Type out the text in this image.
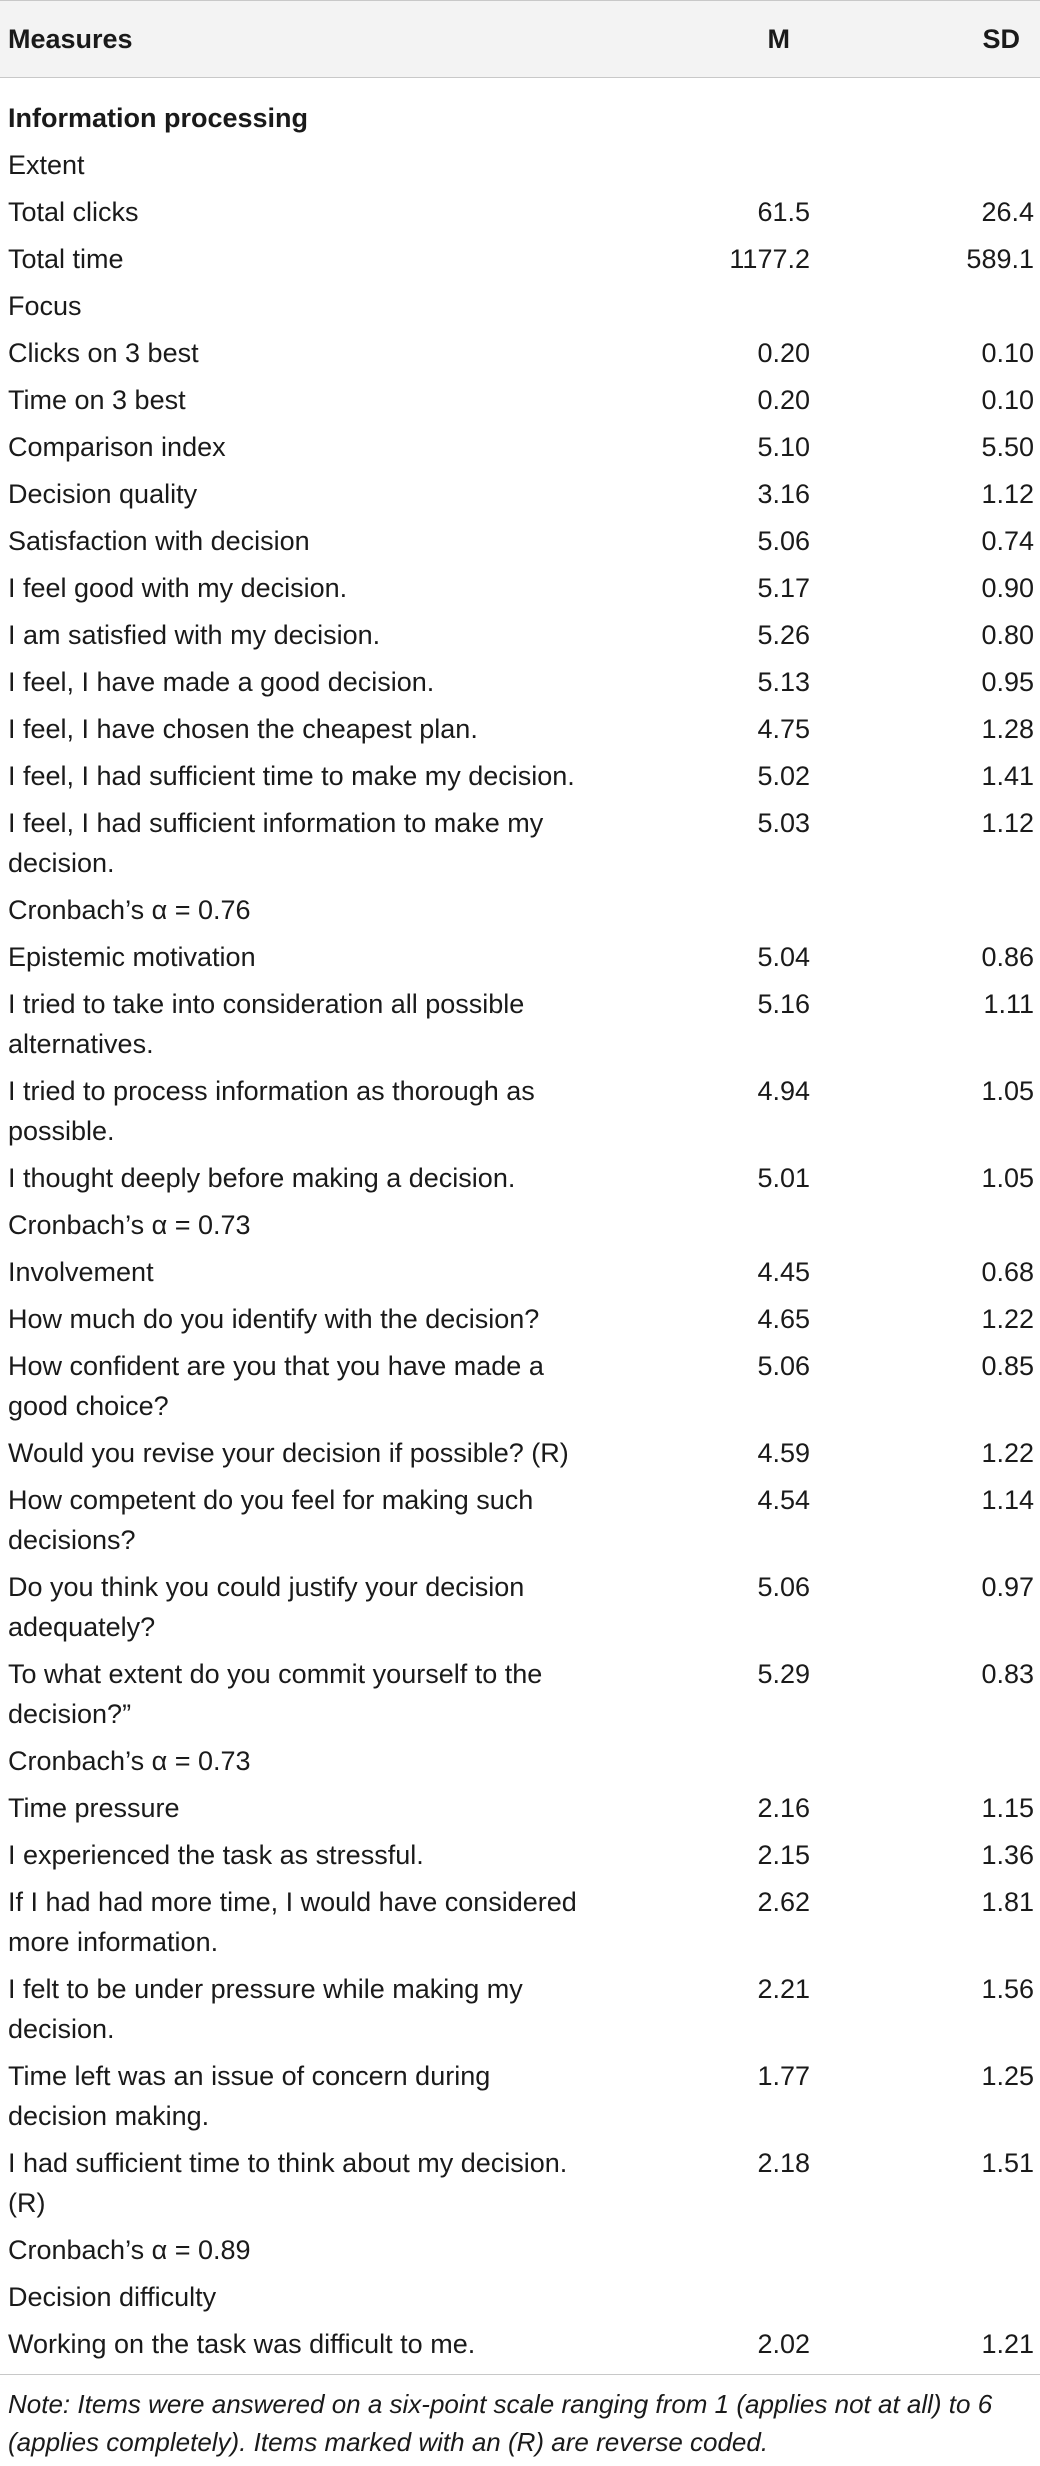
Measures	M	SD
Information processing		
Extent		
Total clicks	61.5	26.4
Total time	1177.2	589.1
Focus		
Clicks on 3 best	0.20	0.10
Time on 3 best	0.20	0.10
Comparison index	5.10	5.50
Decision quality	3.16	1.12
Satisfaction with decision	5.06	0.74
I feel good with my decision.	5.17	0.90
I am satisfied with my decision.	5.26	0.80
I feel, I have made a good decision.	5.13	0.95
I feel, I have chosen the cheapest plan.	4.75	1.28
I feel, I had sufficient time to make my decision.	5.02	1.41
I feel, I had sufficient information to make my decision.	5.03	1.12
Cronbach’s α = 0.76		
Epistemic motivation	5.04	0.86
I tried to take into consideration all possible alternatives.	5.16	1.11
I tried to process information as thorough as possible.	4.94	1.05
I thought deeply before making a decision.	5.01	1.05
Cronbach’s α = 0.73		
Involvement	4.45	0.68
How much do you identify with the decision?	4.65	1.22
How confident are you that you have made a good choice?	5.06	0.85
Would you revise your decision if possible? (R)	4.59	1.22
How competent do you feel for making such decisions?	4.54	1.14
Do you think you could justify your decision adequately?	5.06	0.97
To what extent do you commit yourself to the decision?”	5.29	0.83
Cronbach’s α = 0.73		
Time pressure	2.16	1.15
I experienced the task as stressful.	2.15	1.36
If I had had more time, I would have considered more information.	2.62	1.81
I felt to be under pressure while making my decision.	2.21	1.56
Time left was an issue of concern during decision making.	1.77	1.25
I had sufficient time to think about my decision. (R)	2.18	1.51
Cronbach’s α = 0.89		
Decision difficulty		
Working on the task was difficult to me.	2.02	1.21
Note: Items were answered on a six-point scale ranging from 1 (applies not at all) to 6 (applies completely). Items marked with an (R) are reverse coded.
